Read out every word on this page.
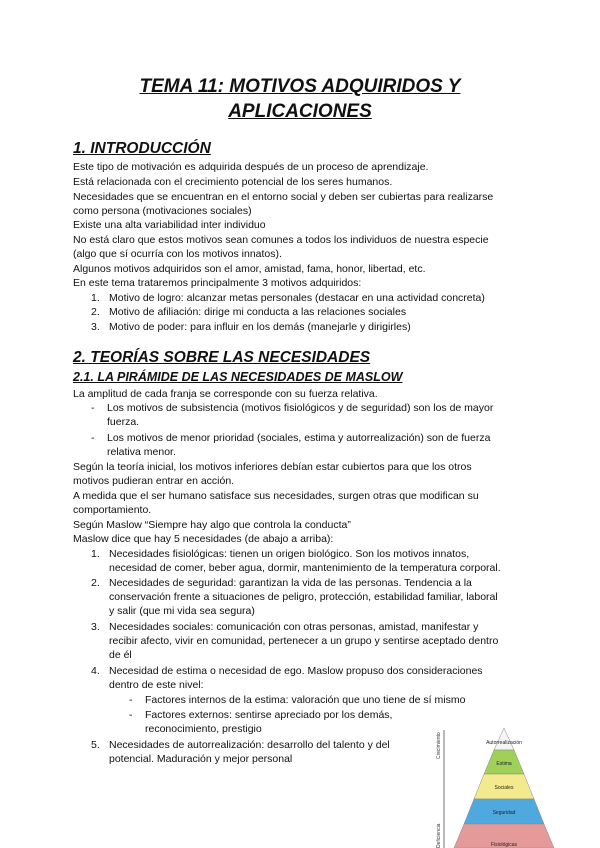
TEMA 11: MOTIVOS ADQUIRIDOS Y
APLICACIONES
1. INTRODUCCIÓN

Este tipo de motivación es adquirida después de un proceso de aprendizaje.

Está relacionada con el crecimiento potencial de los seres humanos.

Necesidades que se encuentran en el entorno social y deben ser cubiertas para realizarse

como persona (motivaciones sociales)

Existe una alta variabilidad inter individuo

No está claro que estos motivos sean comunes a todos los individuos de nuestra especie

(algo que sí ocurría con los motivos innatos).

Algunos motivos adquiridos son el amor, amistad, fama, honor, libertad, etc.

En este tema trataremos principalmente 3 motivos adquiridos:

1. Motivo de logro: alcanzar metas personales (destacar en una actividad concreta)

2. Motivo de afiliación: dirige mi conducta a las relaciones sociales

3. Motivo de poder: para influir en los demás (manejarle y dirigirles)

2. TEORÍAS SOBRE LAS NECESIDADES
2.1. LA PIRÁMIDE DE LAS NECESIDADES DE MASLOW

La amplitud de cada franja se corresponde con su fuerza relativa.

- Los motivos de subsistencia (motivos fisiológicos y de seguridad) son los de mayor

fuerza.

- Los motivos de menor prioridad (sociales, estima y autorrealización) son de fuerza

relativa menor.

Según la teoría inicial, los motivos inferiores debían estar cubiertos para que los otros

motivos pudieran entrar en acción.

A medida que el ser humano satisface sus necesidades, surgen otras que modifican su

comportamiento.

Según Maslow “Siempre hay algo que controla la conducta”

Maslow dice que hay 5 necesidades (de abajo a arriba):

1. Necesidades fisiológicas: tienen un origen biológico. Son los motivos innatos,

necesidad de comer, beber agua, dormir, mantenimiento de la temperatura corporal.

2. Necesidades de seguridad: garantizan la vida de las personas. Tendencia a la

conservación frente a situaciones de peligro, protección, estabilidad familiar, laboral

y salir (que mi vida sea segura)

3. Necesidades sociales: comunicación con otras personas, amistad, manifestar y

recibir afecto, vivir en comunidad, pertenecer a un grupo y sentirse aceptado dentro

de él

4. Necesidad de estima o necesidad de ego. Maslow propuso dos consideraciones

dentro de este nivel:

- Factores internos de la estima: valoración que uno tiene de sí mismo

- Factores externos: sentirse apreciado por los demás,

reconocimiento, prestigio

5. Necesidades de autorrealización: desarrollo del talento y del

potencial. Maduración y mejor personal	Crecimiento
Deficiencia
Autorrealización
Estima
Sociales
Seguridad
Fisiológicas
